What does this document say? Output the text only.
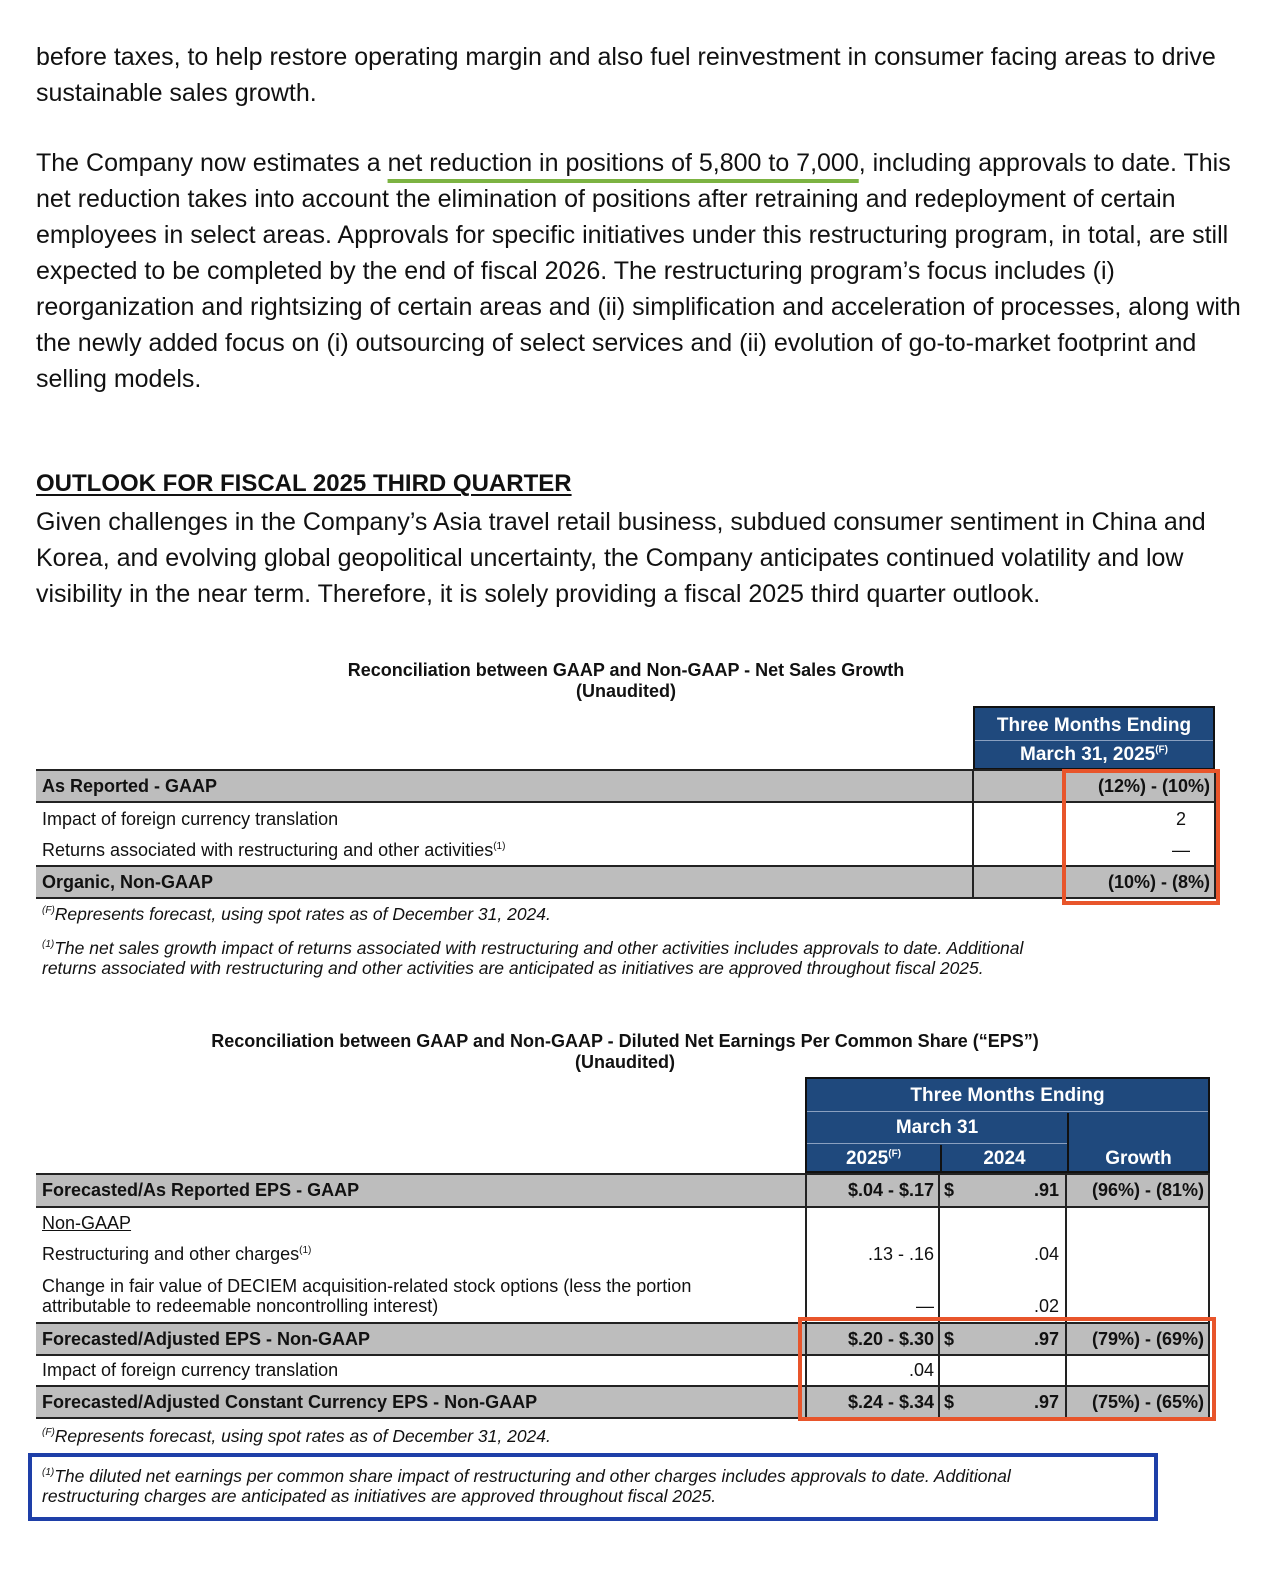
before taxes, to help restore operating margin and also fuel reinvestment in consumer facing areas to drive sustainable sales growth.

The Company now estimates a net reduction in positions of 5,800 to 7,000, including approvals to date. This net reduction takes into account the elimination of positions after retraining and redeployment of certain employees in select areas. Approvals for specific initiatives under this restructuring program, in total, are still expected to be completed by the end of fiscal 2026. The restructuring program’s focus includes (i) reorganization and rightsizing of certain areas and (ii) simplification and acceleration of processes, along with the newly added focus on (i) outsourcing of select services and (ii) evolution of go-to-market footprint and selling models.

OUTLOOK FOR FISCAL 2025 THIRD QUARTER

Given challenges in the Company’s Asia travel retail business, subdued consumer sentiment in China and Korea, and evolving global geopolitical uncertainty, the Company anticipates continued volatility and low visibility in the near term. Therefore, it is solely providing a fiscal 2025 third quarter outlook.

Reconciliation between GAAP and Non-GAAP - Net Sales Growth
(Unaudited)
Three Months Ending
March 31, $2025^{(F)}$
As Reported - GAAP	(12%) - (10%)
Impact of foreign currency translation	2
Returns associated with restructuring and other activities$^{(1)}$	—
Organic, Non-GAAP	(10%) - (8%)
$^{(F)}$Represents forecast, using spot rates as of December 31, 2024.
$^{(1)}$The net sales growth impact of returns associated with restructuring and other activities includes approvals to date. Additional
returns associated with restructuring and other activities are anticipated as initiatives are approved throughout fiscal 2025.
Reconciliation between GAAP and Non-GAAP - Diluted Net Earnings Per Common Share (“EPS”)
(Unaudited)
Three Months Ending
March 31
$2025^{(F)}$	2024	Growth
Forecasted/As Reported EPS - GAAP	$.04 - $.17 $	.91	(96%) - (81%)
Non-GAAP
Restructuring and other charges$^{(1)}$	.13 - .16	.04
Change in fair value of DECIEM acquisition-related stock options (less the portion
attributable to redeemable noncontrolling interest)	—	.02
Forecasted/Adjusted EPS - Non-GAAP	$.20 - $.30 $	.97	(79%) - (69%)
Impact of foreign currency translation	.04
Forecasted/Adjusted Constant Currency EPS - Non-GAAP	$.24 - $.34 $	.97	(75%) - (65%)
$^{(F)}$Represents forecast, using spot rates as of December 31, 2024.
$^{(1)}$The diluted net earnings per common share impact of restructuring and other charges includes approvals to date. Additional
restructuring charges are anticipated as initiatives are approved throughout fiscal 2025.
